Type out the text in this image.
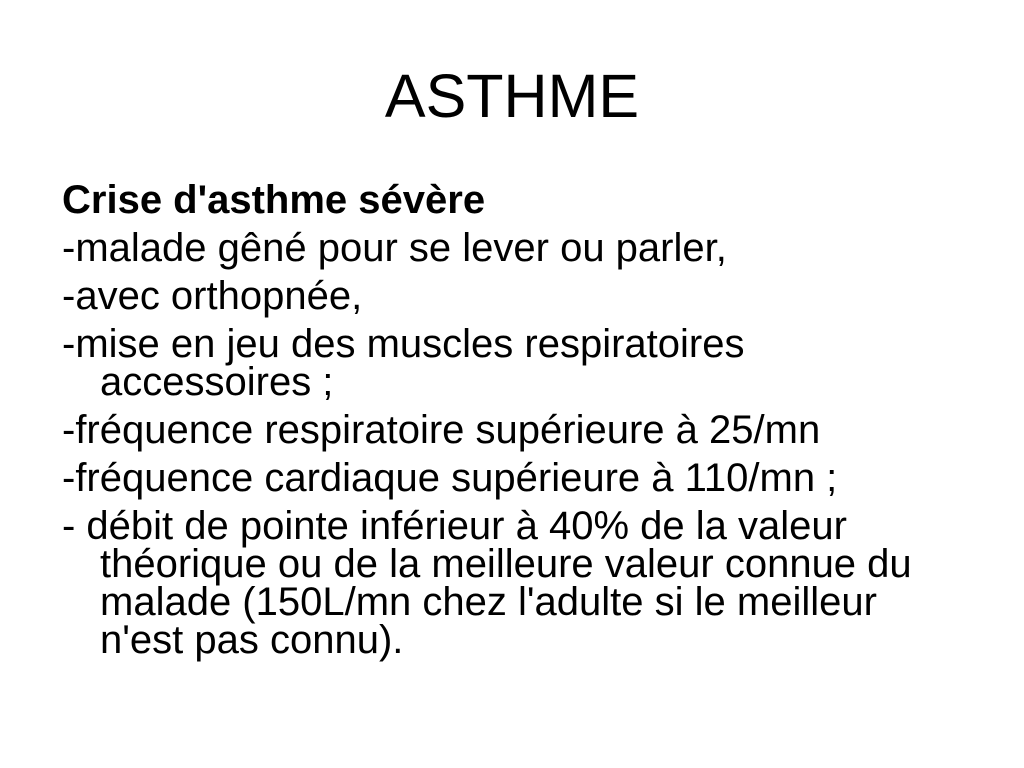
ASTHME
Crise d'asthme sévère
-malade gêné pour se lever ou parler,
-avec orthopnée,
-mise en jeu des muscles respiratoires
accessoires ;
-fréquence respiratoire supérieure à 25/mn
-fréquence cardiaque supérieure à 110/mn ;
- débit de pointe inférieur à 40% de la valeur
théorique ou de la meilleure valeur connue du
malade (150L/mn chez l'adulte si le meilleur
n'est pas connu).
